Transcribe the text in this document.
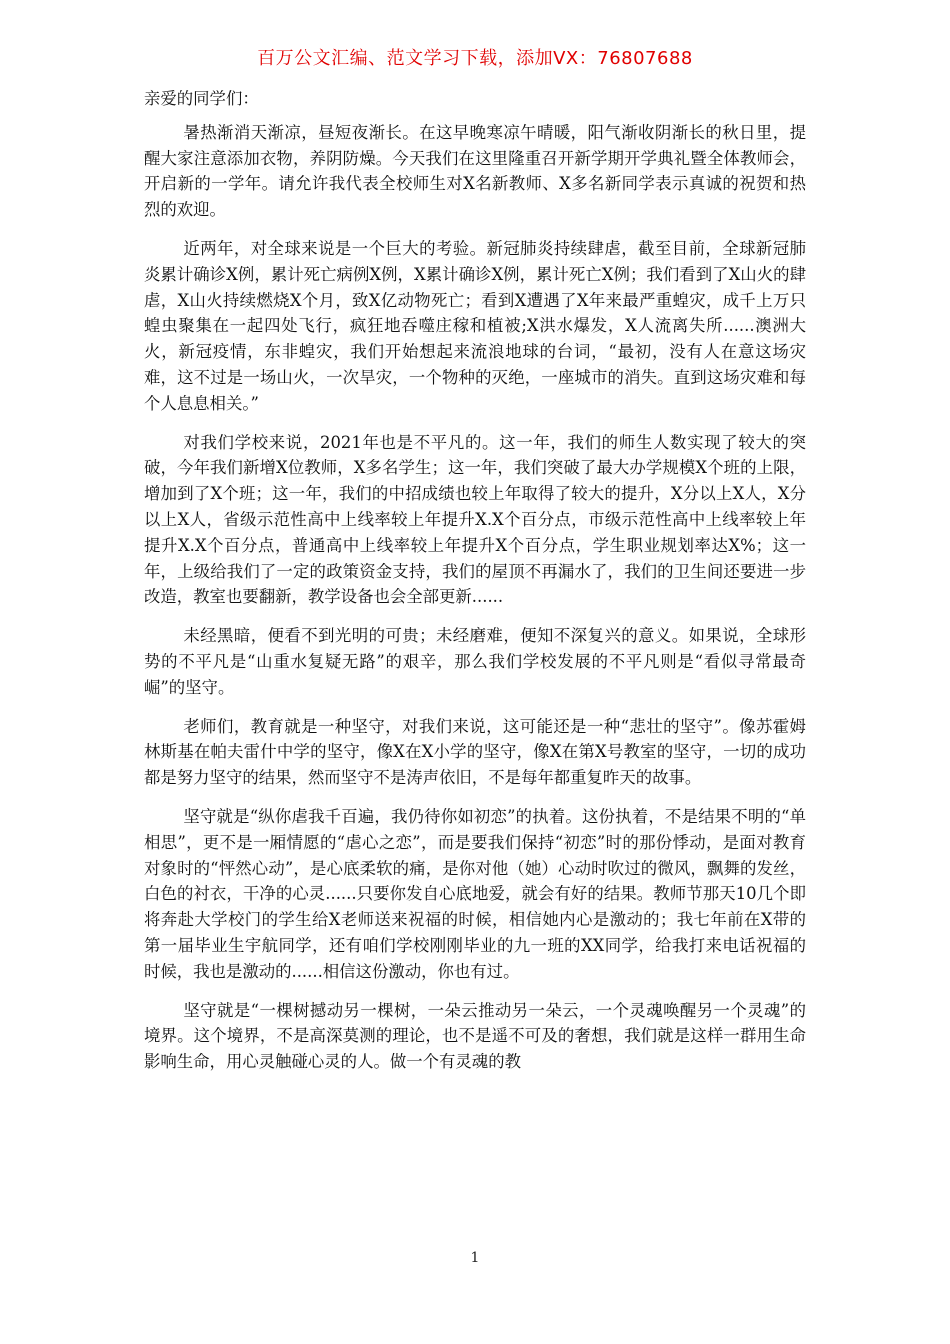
百万公文汇编、范文学习下载，添加VX：76807688

亲爱的同学们：

暑热渐消天渐凉，昼短夜渐长。在这早晚寒凉午晴暖，阳气渐收阴渐长的秋日里，提醒大家注意添加衣物，养阴防燥。今天我们在这里隆重召开新学期开学典礼暨全体教师会，开启新的一学年。请允许我代表全校师生对X名新教师、X多名新同学表示真诚的祝贺和热烈的欢迎。

近两年，对全球来说是一个巨大的考验。新冠肺炎持续肆虐，截至目前，全球新冠肺炎累计确诊X例，累计死亡病例X例，X累计确诊X例，累计死亡X例；我们看到了X山火的肆虐，X山火持续燃烧X个月，致X亿动物死亡；看到X遭遇了X年来最严重蝗灾，成千上万只蝗虫聚集在一起四处飞行，疯狂地吞噬庄稼和植被;X洪水爆发，X人流离失所......澳洲大火，新冠疫情，东非蝗灾，我们开始想起来流浪地球的台词，“最初，没有人在意这场灾难，这不过是一场山火，一次旱灾，一个物种的灭绝，一座城市的消失。直到这场灾难和每个人息息相关。”

对我们学校来说，2021年也是不平凡的。这一年，我们的师生人数实现了较大的突破，今年我们新增X位教师，X多名学生；这一年，我们突破了最大办学规模X个班的上限，增加到了X个班；这一年，我们的中招成绩也较上年取得了较大的提升，X分以上X人，X分以上X人，省级示范性高中上线率较上年提升X.X个百分点，市级示范性高中上线率较上年提升X.X个百分点，普通高中上线率较上年提升X个百分点，学生职业规划率达X%；这一年，上级给我们了一定的政策资金支持，我们的屋顶不再漏水了，我们的卫生间还要进一步改造，教室也要翻新，教学设备也会全部更新......

未经黑暗，便看不到光明的可贵；未经磨难，便知不深复兴的意义。如果说，全球形势的不平凡是“山重水复疑无路”的艰辛，那么我们学校发展的不平凡则是“看似寻常最奇崛”的坚守。

老师们，教育就是一种坚守，对我们来说，这可能还是一种“悲壮的坚守”。像苏霍姆林斯基在帕夫雷什中学的坚守，像X在X小学的坚守，像X在第X号教室的坚守，一切的成功都是努力坚守的结果，然而坚守不是涛声依旧，不是每年都重复昨天的故事。

坚守就是“纵你虐我千百遍，我仍待你如初恋”的执着。这份执着，不是结果不明的“单相思”，更不是一厢情愿的“虐心之恋”，而是要我们保持“初恋”时的那份悸动，是面对教育对象时的“怦然心动”，是心底柔软的痛，是你对他（她）心动时吹过的微风，飘舞的发丝，白色的衬衣，干净的心灵......只要你发自心底地爱，就会有好的结果。教师节那天10几个即将奔赴大学校门的学生给X老师送来祝福的时候，相信她内心是激动的；我七年前在X带的第一届毕业生宇航同学，还有咱们学校刚刚毕业的九一班的XX同学，给我打来电话祝福的时候，我也是激动的......相信这份激动，你也有过。

坚守就是“一棵树撼动另一棵树，一朵云推动另一朵云，一个灵魂唤醒另一个灵魂”的境界。这个境界，不是高深莫测的理论，也不是遥不可及的奢想，我们就是这样一群用生命影响生命，用心灵触碰心灵的人。做一个有灵魂的教

1
